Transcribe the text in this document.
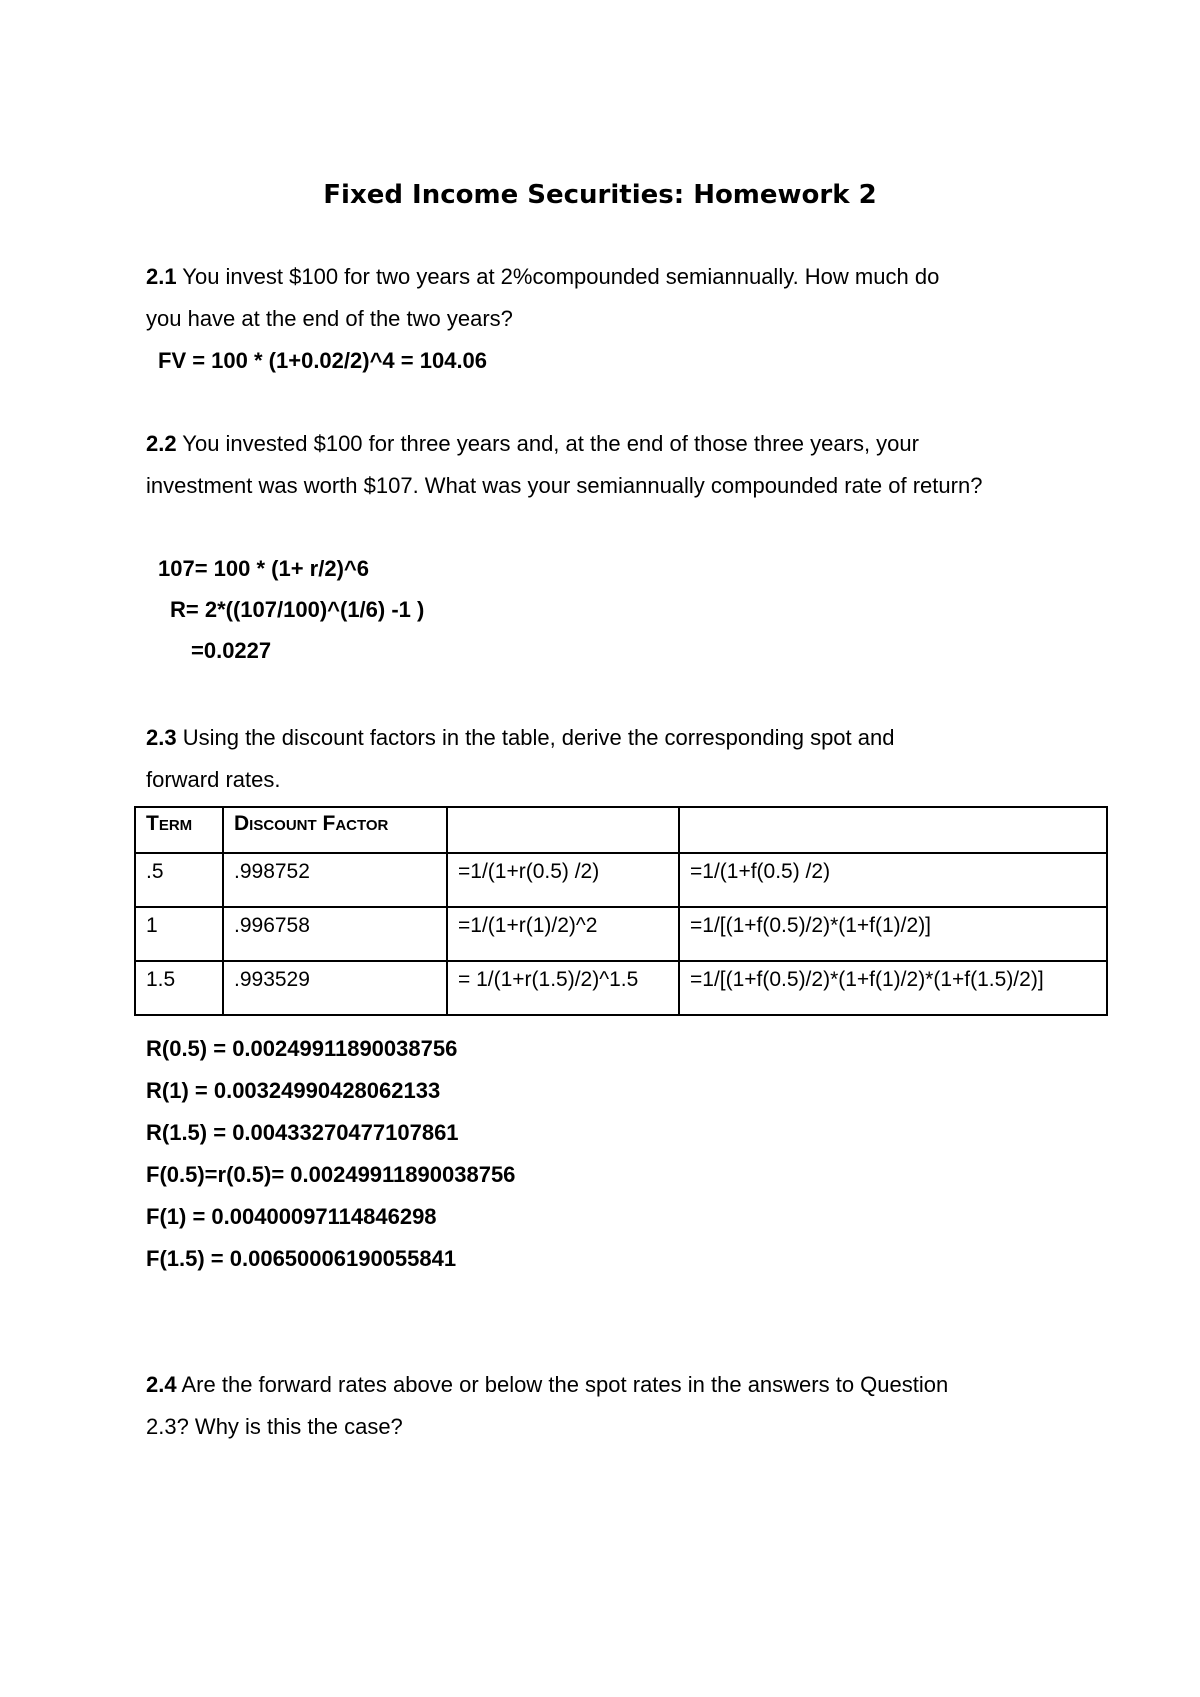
Fixed Income Securities: Homework 2
2.1 You invest $100 for two years at 2%compounded semiannually. How much do
you have at the end of the two years?
FV = 100 * (1+0.02/2)^4 = 104.06
2.2 You invested $100 for three years and, at the end of those three years, your
investment was worth $107. What was your semiannually compounded rate of return?
107= 100 * (1+ r/2)^6
R= 2*((107/100)^(1/6) -1 )
=0.0227
2.3 Using the discount factors in the table, derive the corresponding spot and
forward rates.
Term	Discount Factor		
.5	.998752	=1/(1+r(0.5) /2)	=1/(1+f(0.5) /2)
1	.996758	=1/(1+r(1)/2)^2	=1/[(1+f(0.5)/2)*(1+f(1)/2)]
1.5	.993529	= 1/(1+r(1.5)/2)^1.5	=1/[(1+f(0.5)/2)*(1+f(1)/2)*(1+f(1.5)/2)]
R(0.5) = 0.00249911890038756
R(1) = 0.00324990428062133
R(1.5) = 0.00433270477107861
F(0.5)=r(0.5)= 0.00249911890038756
F(1) = 0.00400097114846298
F(1.5) = 0.00650006190055841
2.4 Are the forward rates above or below the spot rates in the answers to Question
2.3? Why is this the case?
